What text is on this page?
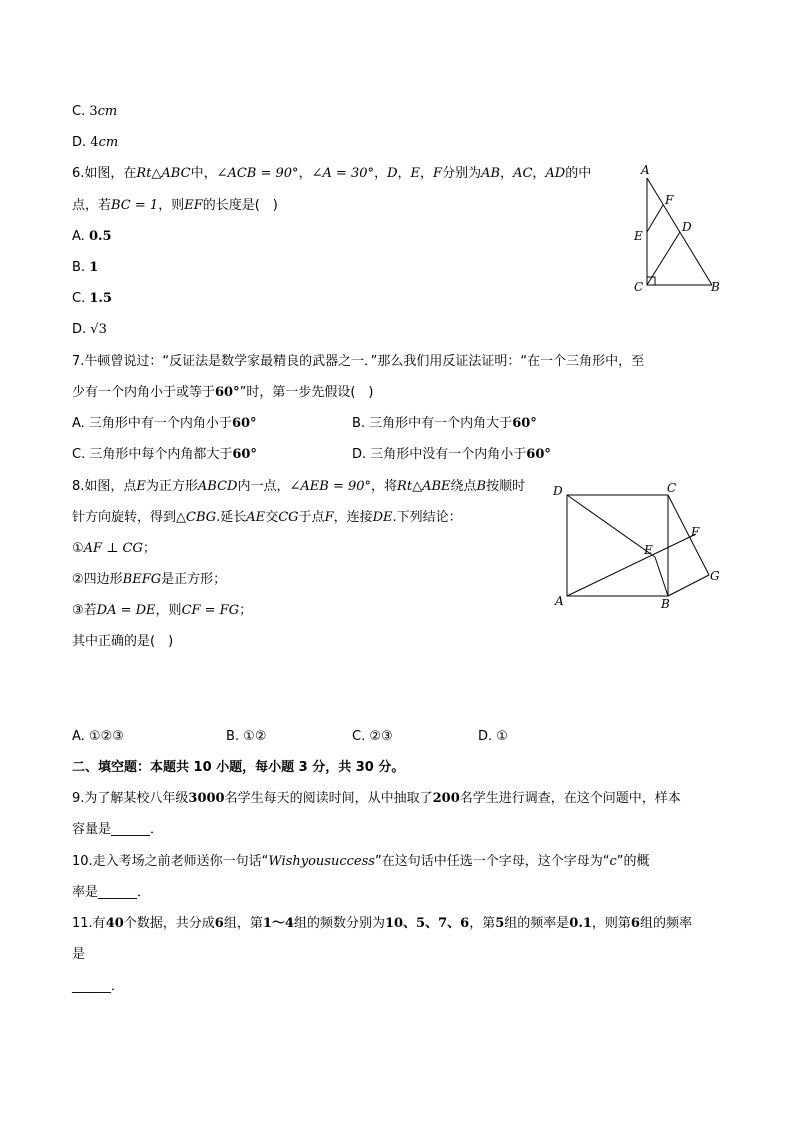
C. 3cm
D. 4cm
6.如图，在Rt△ABC中，∠ACB = 90°，∠A = 30°，D，E，F分别为AB，AC，AD的中
点，若BC = 1，则EF的长度是(　)
A. 0.5
B. 1
C. 1.5
D. √3
A
F
E
D
C	B
7.牛顿曾说过：“反证法是数学家最精良的武器之一．”那么我们用反证法证明：“在一个三角形中，至
少有一个内角小于或等于60°”时，第一步先假设(　)
A. 三角形中有一个内角小于60°	B. 三角形中有一个内角大于60°
C. 三角形中每个内角都大于60°	D. 三角形中没有一个内角小于60°
8.如图，点E为正方形ABCD内一点，∠AEB = 90°，将Rt△ABE绕点B按顺时
针方向旋转，得到△CBG.延长AE交CG于点F，连接DE.下列结论：
①AF ⊥ CG；
②四边形BEFG是正方形；
③若DA = DE，则CF = FG；
其中正确的是(　)
D	C
E
F
G
A	B
A. ①②③	B. ①②	C. ②③	D. ①
二、填空题：本题共 10 小题，每小题 3 分，共 30 分。
9.为了解某校八年级3000名学生每天的阅读时间，从中抽取了200名学生进行调查，在这个问题中，样本
容量是______．
10.走入考场之前老师送你一句话“Wishyousuccess”在这句话中任选一个字母，这个字母为“c”的概
率是______．
11.有40个数据，共分成6组，第1～4组的频数分别为10、5、7、6，第5组的频率是0.1，则第6组的频率
是
______．
